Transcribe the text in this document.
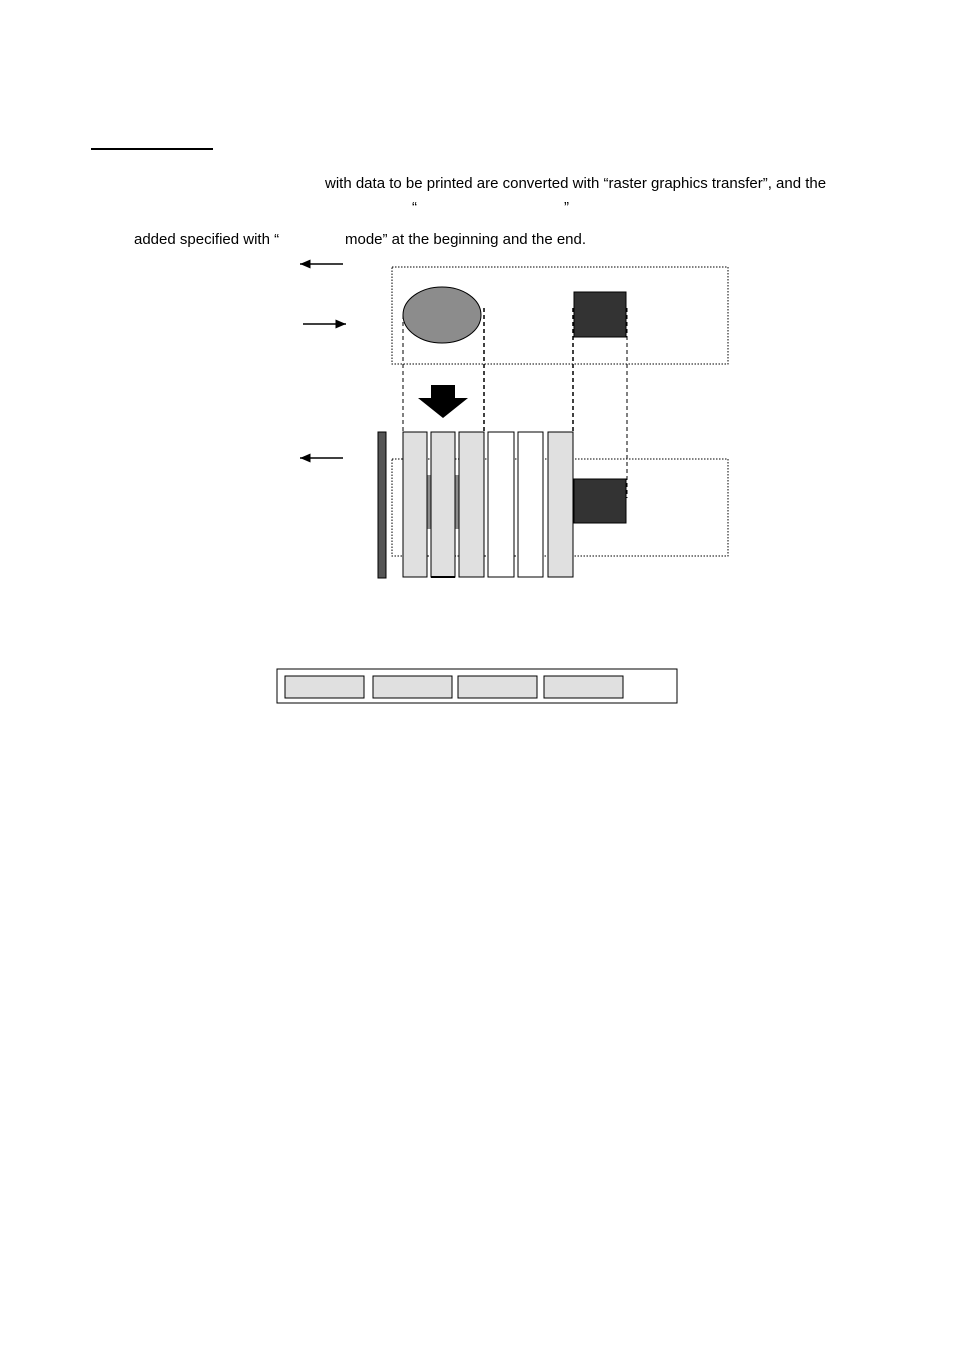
with data to be printed are converted with “raster graphics transfer”, and the
“	”
added specified with “	mode” at the beginning and the end.
